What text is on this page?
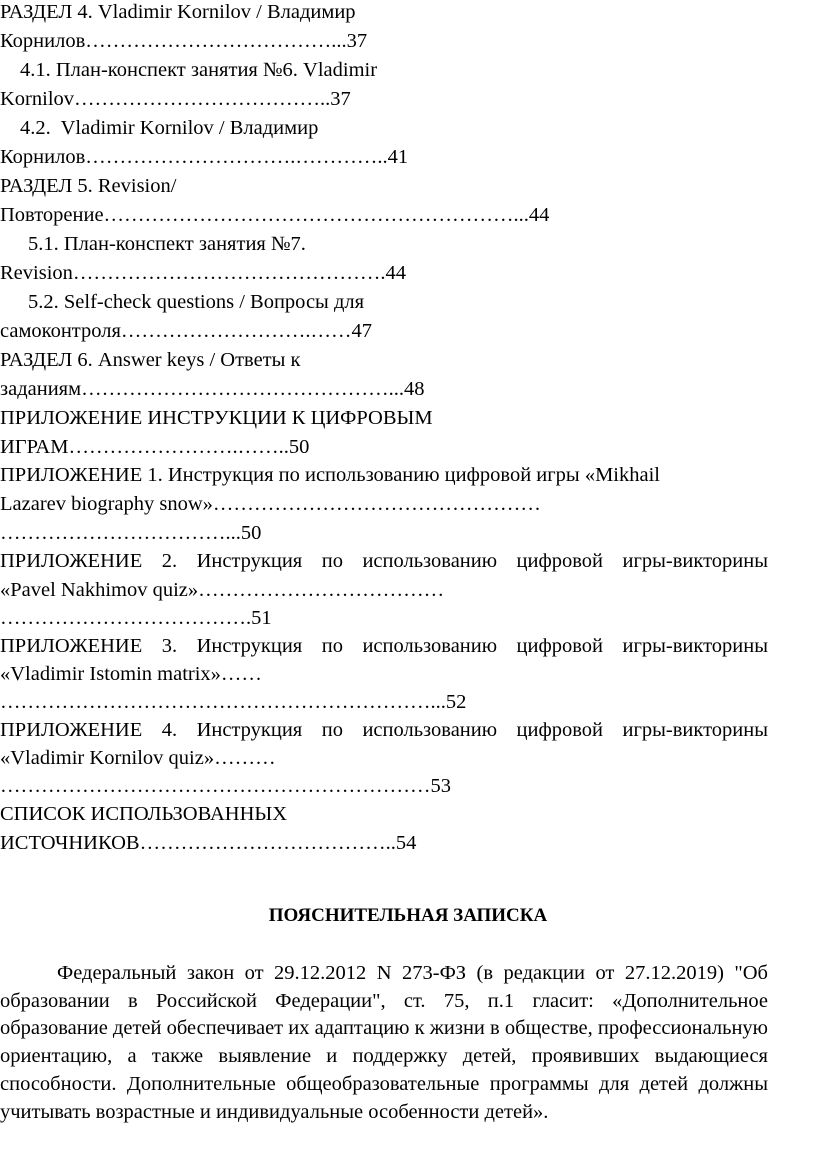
РАЗДЕЛ 4. Vladimir Kornilov / Владимир
Корнилов………………………………...37
4.1. План-конспект занятия №6. Vladimir
Kornilov………………………………..37
4.2.  Vladimir Kornilov / Владимир
Корнилов………………………….…………..41
РАЗДЕЛ 5. Revision/
Повторение……………………………………………………...44
5.1. План-конспект занятия №7.
Revision……………………………………….44
5.2. Self-check questions / Вопросы для
самоконтроля……………………….……47
РАЗДЕЛ 6. Answer keys / Ответы к
заданиям………………………………………...48
ПРИЛОЖЕНИЕ ИНСТРУКЦИИ К ЦИФРОВЫМ
ИГРАМ…………………….……..50
ПРИЛОЖЕНИЕ 1. Инструкция по использованию цифровой игры «Mikhail
Lazarev biography snow»…………………………………………
……………………………...50
ПРИЛОЖЕНИЕ 2. Инструкция по использованию цифровой игры-викторины
«Pavel Nakhimov quiz»………………………………
……………………………….51
ПРИЛОЖЕНИЕ 3. Инструкция по использованию цифровой игры-викторины
«Vladimir Istomin matrix»……
………………………………………………………...52
ПРИЛОЖЕНИЕ 4. Инструкция по использованию цифровой игры-викторины
«Vladimir Kornilov quiz»………
………………………………………………………53
СПИСОК ИСПОЛЬЗОВАННЫХ
ИСТОЧНИКОВ………………………………..54
ПОЯСНИТЕЛЬНАЯ ЗАПИСКА
Федеральный закон от 29.12.2012 N 273-ФЗ (в редакции от 27.12.2019) "Об образовании в Российской Федерации", ст. 75, п.1 гласит: «Дополнительное образование детей обеспечивает их адаптацию к жизни в обществе, профессиональную ориентацию, а также выявление и поддержку детей, проявивших выдающиеся способности. Дополнительные общеобразовательные программы для детей должны учитывать возрастные и индивидуальные особенности детей».
